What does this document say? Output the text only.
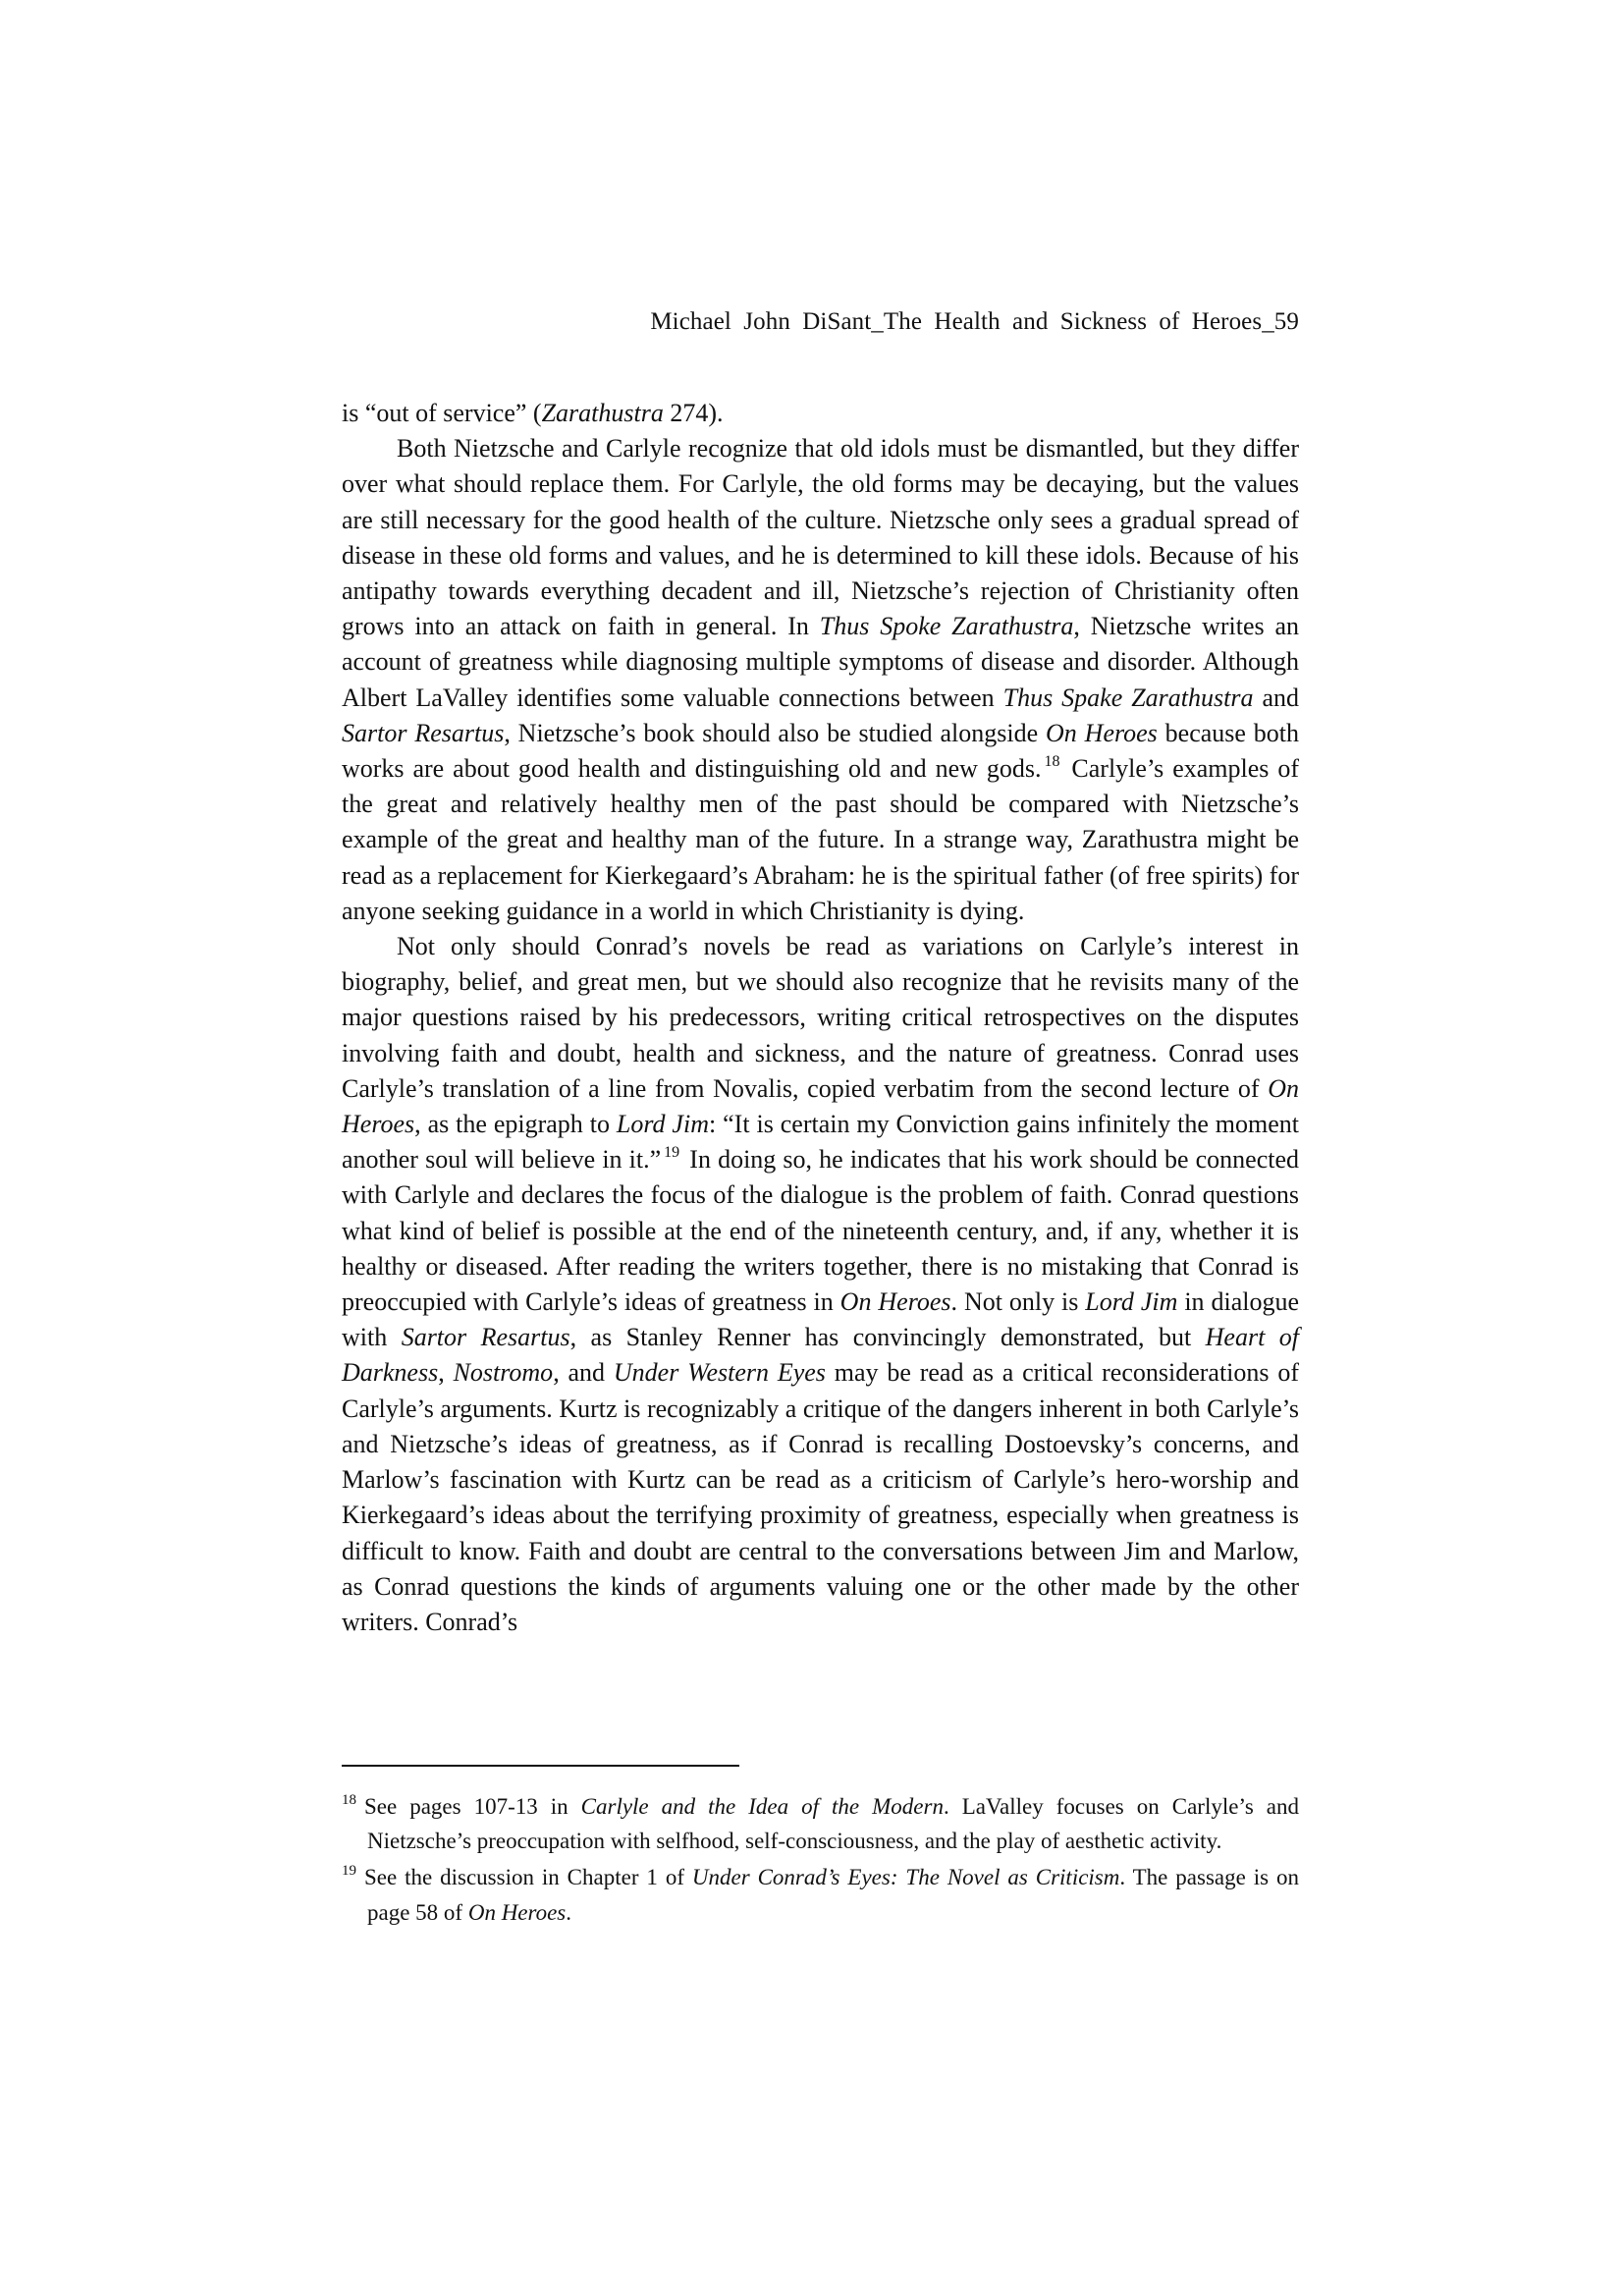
Michael John DiSant_The Health and Sickness of Heroes_59

is “out of service” (Zarathustra 274).

Both Nietzsche and Carlyle recognize that old idols must be dismantled, but they differ over what should replace them. For Carlyle, the old forms may be decaying, but the values are still necessary for the good health of the culture. Nietzsche only sees a gradual spread of disease in these old forms and values, and he is determined to kill these idols. Because of his antipathy towards everything decadent and ill, Nietzsche’s rejection of Christianity often grows into an attack on faith in general. In Thus Spoke Zarathustra, Nietzsche writes an account of greatness while diagnosing multiple symptoms of disease and disorder. Although Albert LaValley identifies some valuable connections between Thus Spake Zarathustra and Sartor Resartus, Nietzsche’s book should also be studied alongside On Heroes because both works are about good health and distinguishing old and new gods. $^{18}$ Carlyle’s examples of the great and relatively healthy men of the past should be compared with Nietzsche’s example of the great and healthy man of the future. In a strange way, Zarathustra might be read as a replacement for Kierkegaard’s Abraham: he is the spiritual father (of free spirits) for anyone seeking guidance in a world in which Christianity is dying.

Not only should Conrad’s novels be read as variations on Carlyle’s interest in biography, belief, and great men, but we should also recognize that he revisits many of the major questions raised by his predecessors, writing critical retrospectives on the disputes involving faith and doubt, health and sickness, and the nature of greatness. Conrad uses Carlyle’s translation of a line from Novalis, copied verbatim from the second lecture of On Heroes, as the epigraph to Lord Jim: “It is certain my Conviction gains infinitely the moment another soul will believe in it.” $^{19}$ In doing so, he indicates that his work should be connected with Carlyle and declares the focus of the dialogue is the problem of faith. Conrad questions what kind of belief is possible at the end of the nineteenth century, and, if any, whether it is healthy or diseased. After reading the writers together, there is no mistaking that Conrad is preoccupied with Carlyle’s ideas of greatness in On Heroes. Not only is Lord Jim in dialogue with Sartor Resartus, as Stanley Renner has convincingly demonstrated, but Heart of Darkness, Nostromo, and Under Western Eyes may be read as a critical reconsiderations of Carlyle’s arguments. Kurtz is recognizably a critique of the dangers inherent in both Carlyle’s and Nietzsche’s ideas of greatness, as if Conrad is recalling Dostoevsky’s concerns, and Marlow’s fascination with Kurtz can be read as a criticism of Carlyle’s hero-worship and Kierkegaard’s ideas about the terrifying proximity of greatness, especially when greatness is difficult to know. Faith and doubt are central to the conversations between Jim and Marlow, as Conrad questions the kinds of arguments valuing one or the other made by the other writers. Conrad’s

$^{18}$ See pages 107-13 in Carlyle and the Idea of the Modern. LaValley focuses on Carlyle’s and Nietzsche’s preoccupation with selfhood, self-consciousness, and the play of aesthetic activity.

$^{19}$ See the discussion in Chapter 1 of Under Conrad’s Eyes: The Novel as Criticism. The passage is on page 58 of On Heroes.
